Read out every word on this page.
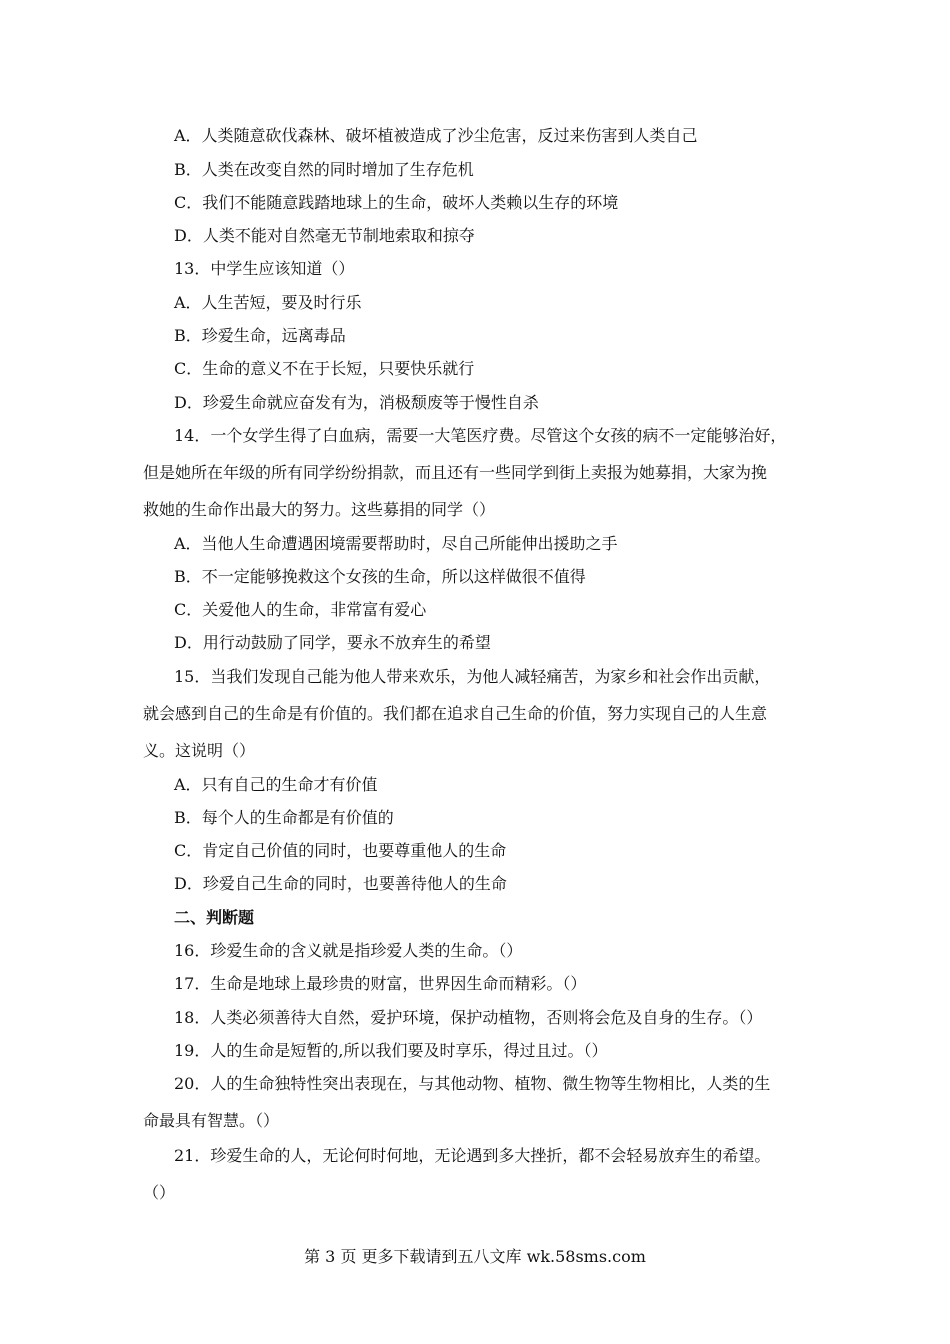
A．人类随意砍伐森林、破坏植被造成了沙尘危害，反过来伤害到人类自己
B．人类在改变自然的同时增加了生存危机
C．我们不能随意践踏地球上的生命，破坏人类赖以生存的环境
D．人类不能对自然毫无节制地索取和掠夺
13．中学生应该知道（）
A．人生苦短，要及时行乐
B．珍爱生命，远离毒品
C．生命的意义不在于长短，只要快乐就行
D．珍爱生命就应奋发有为，消极颓废等于慢性自杀
14．一个女学生得了白血病，需要一大笔医疗费。尽管这个女孩的病不一定能够治好，
但是她所在年级的所有同学纷纷捐款，而且还有一些同学到街上卖报为她募捐，大家为挽
救她的生命作出最大的努力。这些募捐的同学（）
A．当他人生命遭遇困境需要帮助时，尽自己所能伸出援助之手
B．不一定能够挽救这个女孩的生命，所以这样做很不值得
C．关爱他人的生命，非常富有爱心
D．用行动鼓励了同学，要永不放弃生的希望
15．当我们发现自己能为他人带来欢乐，为他人减轻痛苦，为家乡和社会作出贡献，
就会感到自己的生命是有价值的。我们都在追求自己生命的价值，努力实现自己的人生意
义。这说明（）
A．只有自己的生命才有价值
B．每个人的生命都是有价值的
C．肯定自己价值的同时，也要尊重他人的生命
D．珍爱自己生命的同时，也要善待他人的生命
二、判断题
16．珍爱生命的含义就是指珍爱人类的生命。（）
17．生命是地球上最珍贵的财富，世界因生命而精彩。（）
18．人类必须善待大自然，爱护环境，保护动植物，否则将会危及自身的生存。（）
19．人的生命是短暂的,所以我们要及时享乐，得过且过。（）
20．人的生命独特性突出表现在，与其他动物、植物、微生物等生物相比，人类的生
命最具有智慧。（）
21．珍爱生命的人，无论何时何地，无论遇到多大挫折，都不会轻易放弃生的希望。
（）
第 3 页 更多下载请到五八文库 wk.58sms.com
